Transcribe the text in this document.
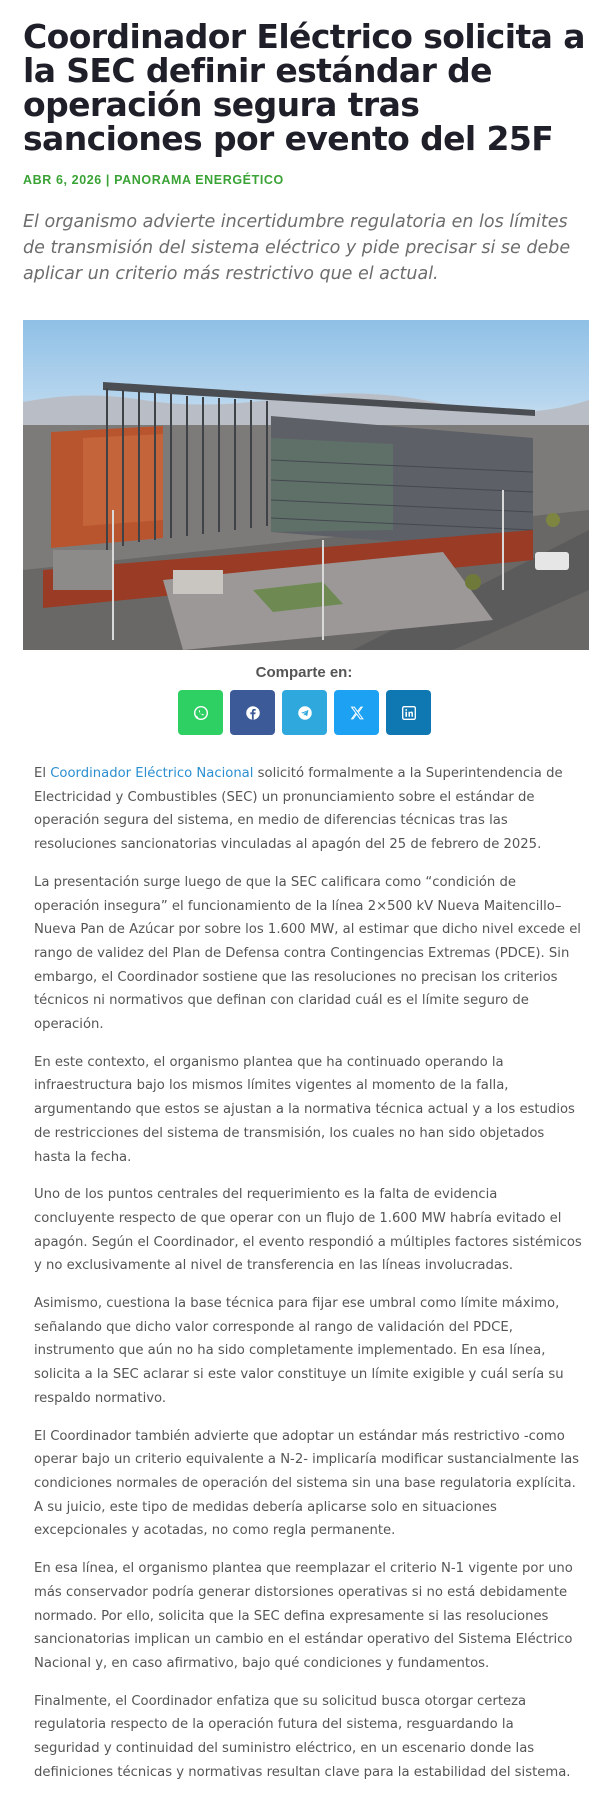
Coordinador Eléctrico solicita a la SEC definir estándar de operación segura tras sanciones por evento del 25F
ABR 6, 2026 | PANORAMA ENERGÉTICO

El organismo advierte incertidumbre regulatoria en los límites de transmisión del sistema eléctrico y pide precisar si se debe aplicar un criterio más restrictivo que el actual.

Comparte en:

El Coordinador Eléctrico Nacional solicitó formalmente a la Superintendencia de Electricidad y Combustibles (SEC) un pronunciamiento sobre el estándar de operación segura del sistema, en medio de diferencias técnicas tras las resoluciones sancionatorias vinculadas al apagón del 25 de febrero de 2025.

La presentación surge luego de que la SEC calificara como “condición de operación insegura” el funcionamiento de la línea 2×500 kV Nueva Maitencillo–Nueva Pan de Azúcar por sobre los 1.600 MW, al estimar que dicho nivel excede el rango de validez del Plan de Defensa contra Contingencias Extremas (PDCE). Sin embargo, el Coordinador sostiene que las resoluciones no precisan los criterios técnicos ni normativos que definan con claridad cuál es el límite seguro de operación.

En este contexto, el organismo plantea que ha continuado operando la infraestructura bajo los mismos límites vigentes al momento de la falla, argumentando que estos se ajustan a la normativa técnica actual y a los estudios de restricciones del sistema de transmisión, los cuales no han sido objetados hasta la fecha.

Uno de los puntos centrales del requerimiento es la falta de evidencia concluyente respecto de que operar con un flujo de 1.600 MW habría evitado el apagón. Según el Coordinador, el evento respondió a múltiples factores sistémicos y no exclusivamente al nivel de transferencia en las líneas involucradas.

Asimismo, cuestiona la base técnica para fijar ese umbral como límite máximo, señalando que dicho valor corresponde al rango de validación del PDCE, instrumento que aún no ha sido completamente implementado. En esa línea, solicita a la SEC aclarar si este valor constituye un límite exigible y cuál sería su respaldo normativo.

El Coordinador también advierte que adoptar un estándar más restrictivo -como operar bajo un criterio equivalente a N-2- implicaría modificar sustancialmente las condiciones normales de operación del sistema sin una base regulatoria explícita. A su juicio, este tipo de medidas debería aplicarse solo en situaciones excepcionales y acotadas, no como regla permanente.

En esa línea, el organismo plantea que reemplazar el criterio N-1 vigente por uno más conservador podría generar distorsiones operativas si no está debidamente normado. Por ello, solicita que la SEC defina expresamente si las resoluciones sancionatorias implican un cambio en el estándar operativo del Sistema Eléctrico Nacional y, en caso afirmativo, bajo qué condiciones y fundamentos.

Finalmente, el Coordinador enfatiza que su solicitud busca otorgar certeza regulatoria respecto de la operación futura del sistema, resguardando la seguridad y continuidad del suministro eléctrico, en un escenario donde las definiciones técnicas y normativas resultan clave para la estabilidad del sistema.
